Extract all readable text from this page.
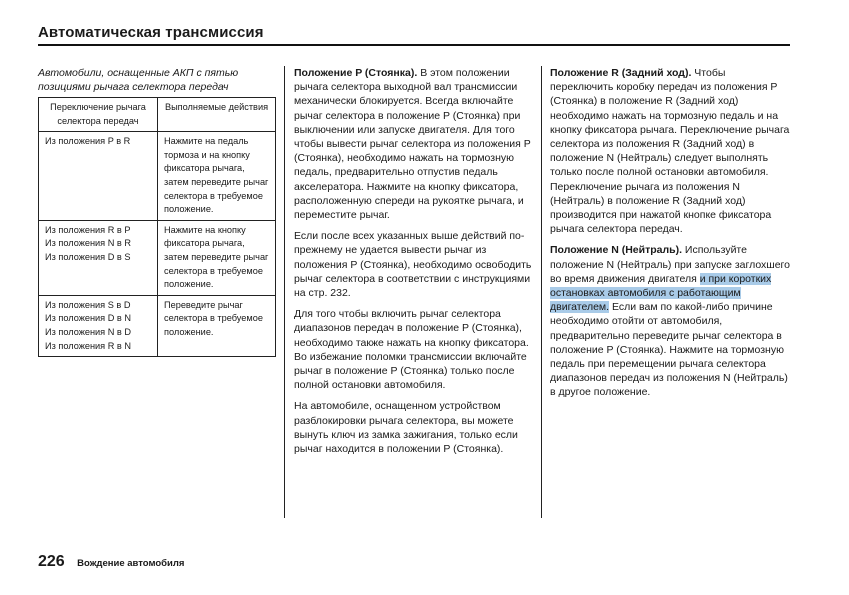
Автоматическая трансмиссия
Автомобили, оснащенные АКП с пятью позициями рычага селектора передач
Переключение рычага селектора передач	Выполняемые действия

Из положения P в R	Нажмите на педаль тормоза и на кнопку фиксатора рычага, затем переведите рычаг селектора в требуемое положение.

Из положения R в P
Из положения N в R
Из положения D в S	Нажмите на кнопку фиксатора рычага, затем переведите рычаг селектора в требуемое положение.

Из положения S в D
Из положения D в N
Из положения N в D
Из положения R в N	Переведите рычаг селектора в требуемое положение.

Положение P (Стоянка). В этом положении рычага селектора выходной вал трансмиссии механически блокируется. Всегда включайте рычаг селектора в положение P (Стоянка) при выключении или запуске двигателя. Для того чтобы вывести рычаг селектора из положения P (Стоянка), необходимо нажать на тормозную педаль, предварительно отпустив педаль акселератора. Нажмите на кнопку фиксатора, расположенную спереди на рукоятке рычага, и переместите рычаг.

Если после всех указанных выше действий по-прежнему не удается вывести рычаг из положения P (Стоянка), необходимо освободить рычаг селектора в соответствии с инструкциями на стр. 232.

Для того чтобы включить рычаг селектора диапазонов передач в положение P (Стоянка), необходимо также нажать на кнопку фиксатора. Во избежание поломки трансмиссии включайте рычаг в положение P (Стоянка) только после полной остановки автомобиля.

На автомобиле, оснащенном устройством разблокировки рычага селектора, вы можете вынуть ключ из замка зажигания, только если рычаг находится в положении P (Стоянка).

Положение R (Задний ход). Чтобы переключить коробку передач из положения P (Стоянка) в положение R (Задний ход) необходимо нажать на тормозную педаль и на кнопку фиксатора рычага. Переключение рычага селектора из положения R (Задний ход) в положение N (Нейтраль) следует выполнять только после полной остановки автомобиля. Переключение рычага из положения N (Нейтраль) в положение R (Задний ход) производится при нажатой кнопке фиксатора рычага селектора передач.

Положение N (Нейтраль). Используйте положение N (Нейтраль) при запуске заглохшего во время движения двигателя и при коротких остановках автомобиля с работающим двигателем. Если вам по какой-либо причине необходимо отойти от автомобиля, предварительно переведите рычаг селектора в положение P (Стоянка). Нажмите на тормозную педаль при перемещении рычага селектора диапазонов передач из положения N (Нейтраль) в другое положение.

226 Вождение автомобиля
